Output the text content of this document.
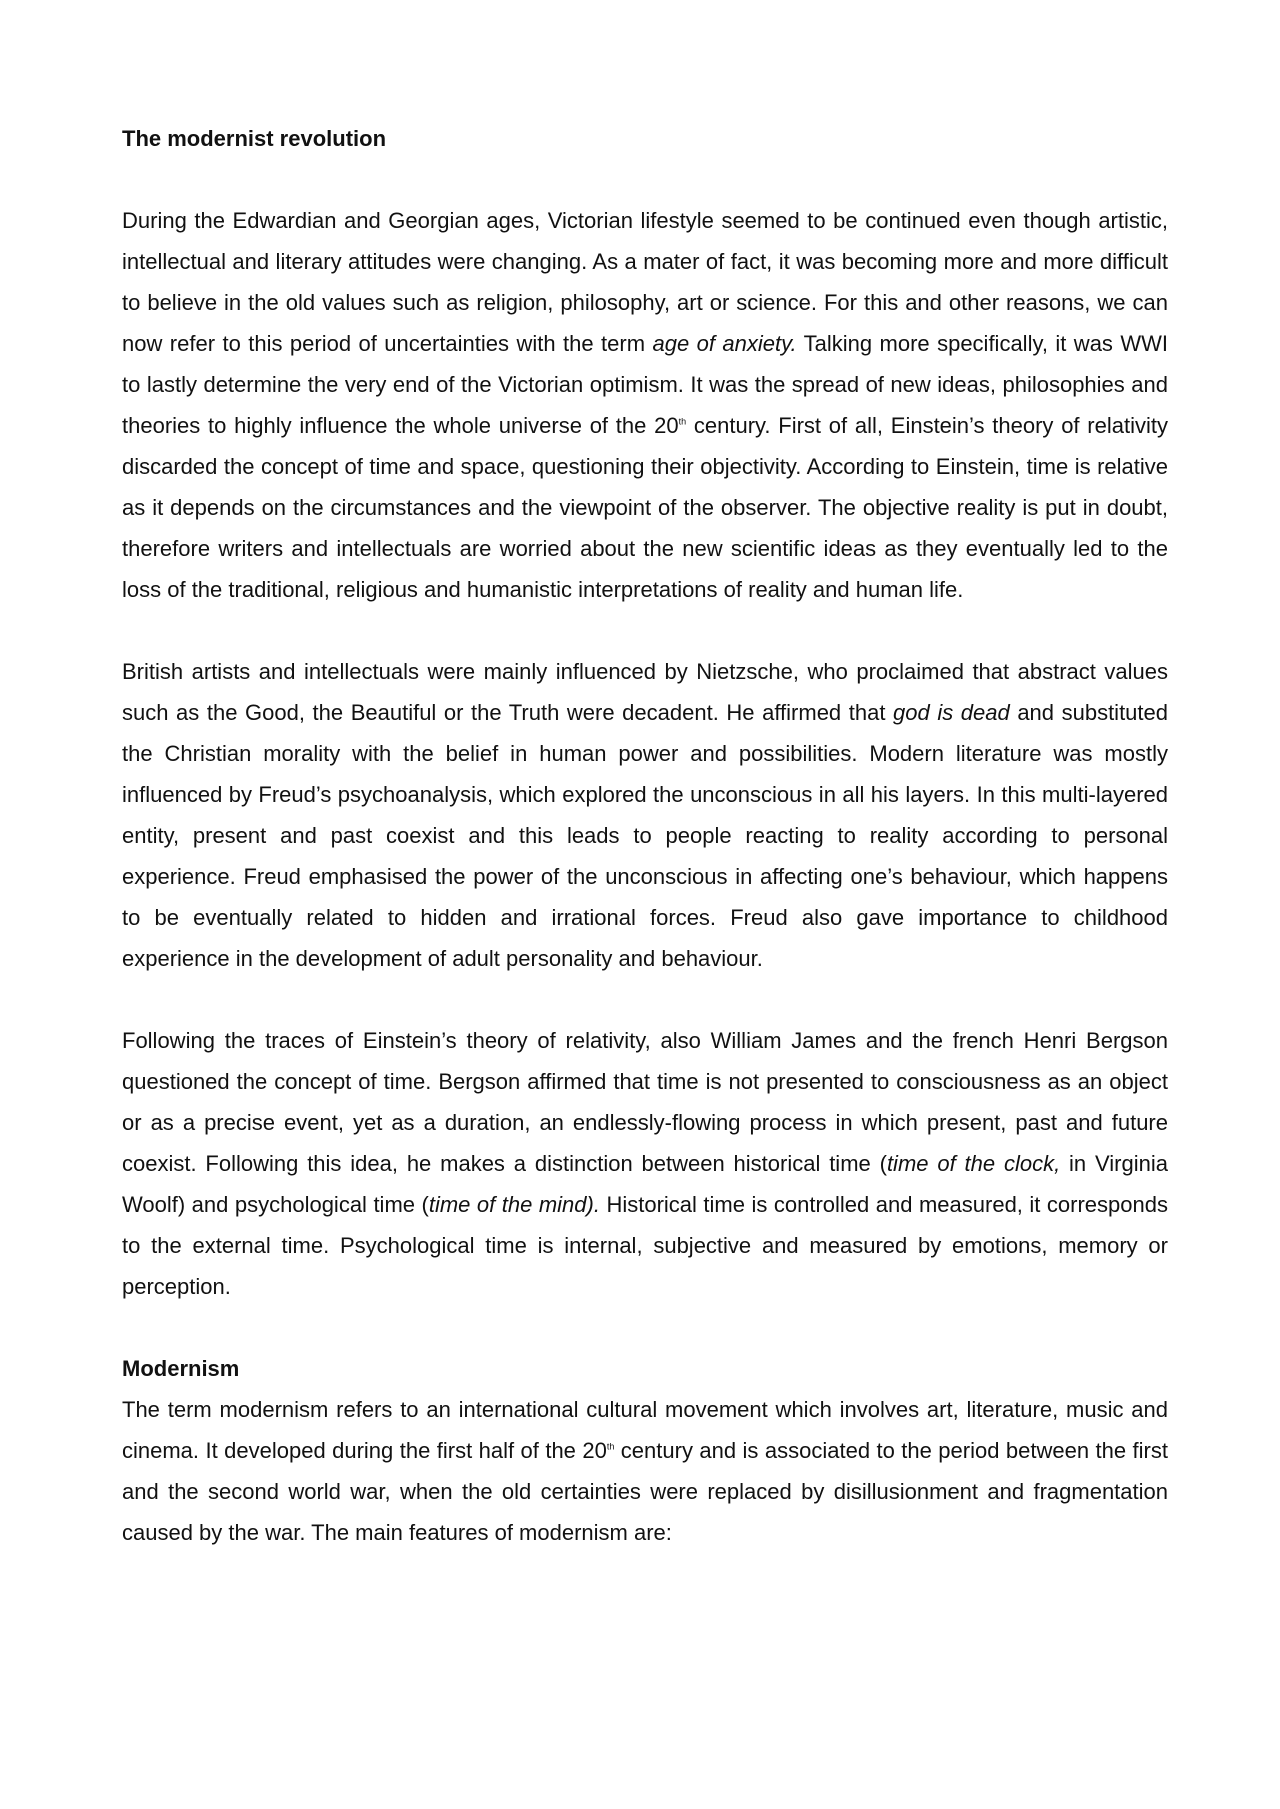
The modernist revolution

During the Edwardian and Georgian ages, Victorian lifestyle seemed to be continued even though artistic, intellectual and literary attitudes were changing. As a mater of fact, it was becoming more and more difficult to believe in the old values such as religion, philosophy, art or science. For this and other reasons, we can now refer to this period of uncertainties with the term age of anxiety. Talking more specifically, it was WWI to lastly determine the very end of the Victorian optimism. It was the spread of new ideas, philosophies and theories to highly influence the whole universe of the 20th century. First of all, Einstein’s theory of relativity discarded the concept of time and space, questioning their objectivity. According to Einstein, time is relative as it depends on the circumstances and the viewpoint of the observer. The objective reality is put in doubt, therefore writers and intellectuals are worried about the new scientific ideas as they eventually led to the loss of the traditional, religious and humanistic interpretations of reality and human life.

British artists and intellectuals were mainly influenced by Nietzsche, who proclaimed that abstract values such as the Good, the Beautiful or the Truth were decadent. He affirmed that god is dead and substituted the Christian morality with the belief in human power and possibilities. Modern literature was mostly influenced by Freud’s psychoanalysis, which explored the unconscious in all his layers. In this multi-layered entity, present and past coexist and this leads to people reacting to reality according to personal experience. Freud emphasised the power of the unconscious in affecting one’s behaviour, which happens to be eventually related to hidden and irrational forces. Freud also gave importance to childhood experience in the development of adult personality and behaviour.

Following the traces of Einstein’s theory of relativity, also William James and the french Henri Bergson questioned the concept of time. Bergson affirmed that time is not presented to consciousness as an object or as a precise event, yet as a duration, an endlessly-flowing process in which present, past and future coexist. Following this idea, he makes a distinction between historical time (time of the clock, in Virginia Woolf) and psychological time (time of the mind). Historical time is controlled and measured, it corresponds to the external time. Psychological time is internal, subjective and measured by emotions, memory or perception.

Modernism

The term modernism refers to an international cultural movement which involves art, literature, music and cinema. It developed during the first half of the 20th century and is associated to the period between the first and the second world war, when the old certainties were replaced by disillusionment and fragmentation caused by the war. The main features of modernism are:
